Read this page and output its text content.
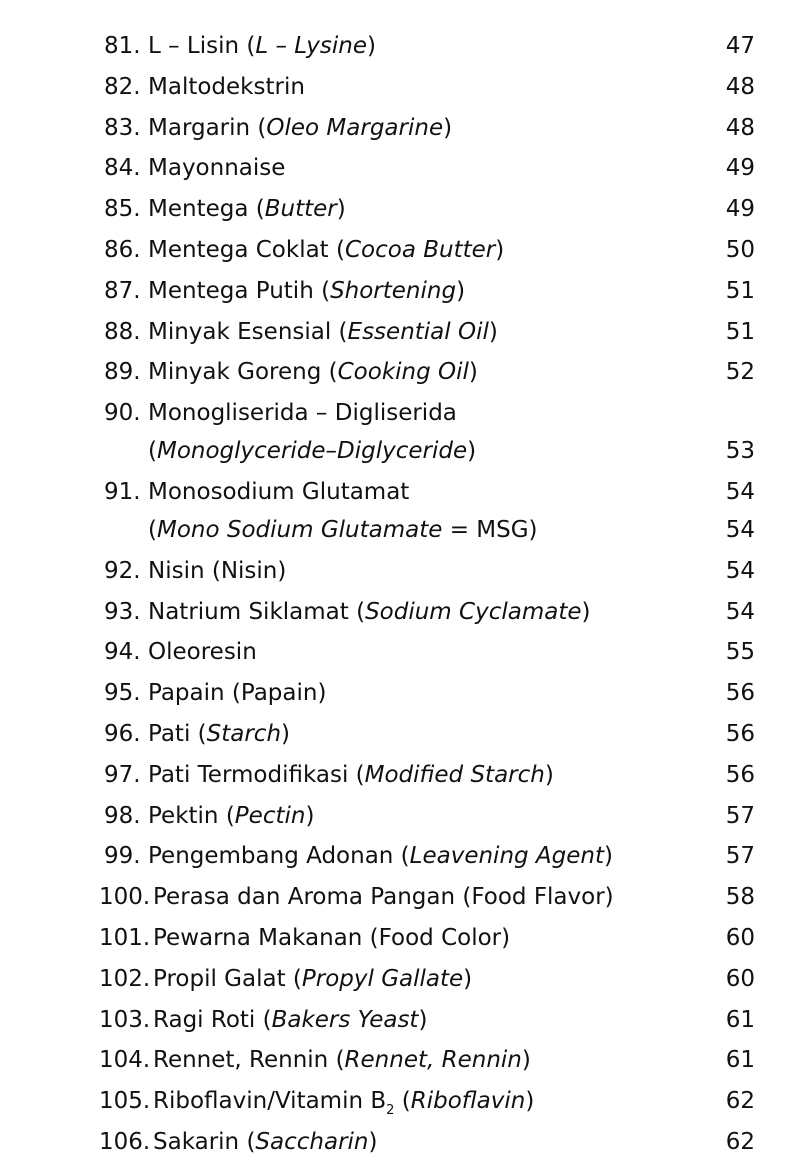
81. L – Lisin (L – Lysine)	47
82. Maltodekstrin	48
83. Margarin (Oleo Margarine)	48
84. Mayonnaise	49
85. Mentega (Butter)	49
86. Mentega Coklat (Cocoa Butter)	50
87. Mentega Putih (Shortening)	51
88. Minyak Esensial (Essential Oil)	51
89. Minyak Goreng (Cooking Oil)	52
90. Monogliserida – Digliserida
(Monoglyceride–Diglyceride)	53
91. Monosodium Glutamat	54
(Mono Sodium Glutamate = MSG)	54
92. Nisin (Nisin)	54
93. Natrium Siklamat (Sodium Cyclamate)	54
94. Oleoresin	55
95. Papain (Papain)	56
96. Pati (Starch)	56
97. Pati Termodifikasi (Modified Starch)	56
98. Pektin (Pectin)	57
99. Pengembang Adonan (Leavening Agent)	57
100. Perasa dan Aroma Pangan (Food Flavor)	58
101. Pewarna Makanan (Food Color)	60
102. Propil Galat (Propyl Gallate)	60
103. Ragi Roti (Bakers Yeast)	61
104. Rennet, Rennin (Rennet, Rennin)	61
105. Riboflavin/Vitamin $B_2$ (Riboflavin)	62
106. Sakarin (Saccharin)	62
